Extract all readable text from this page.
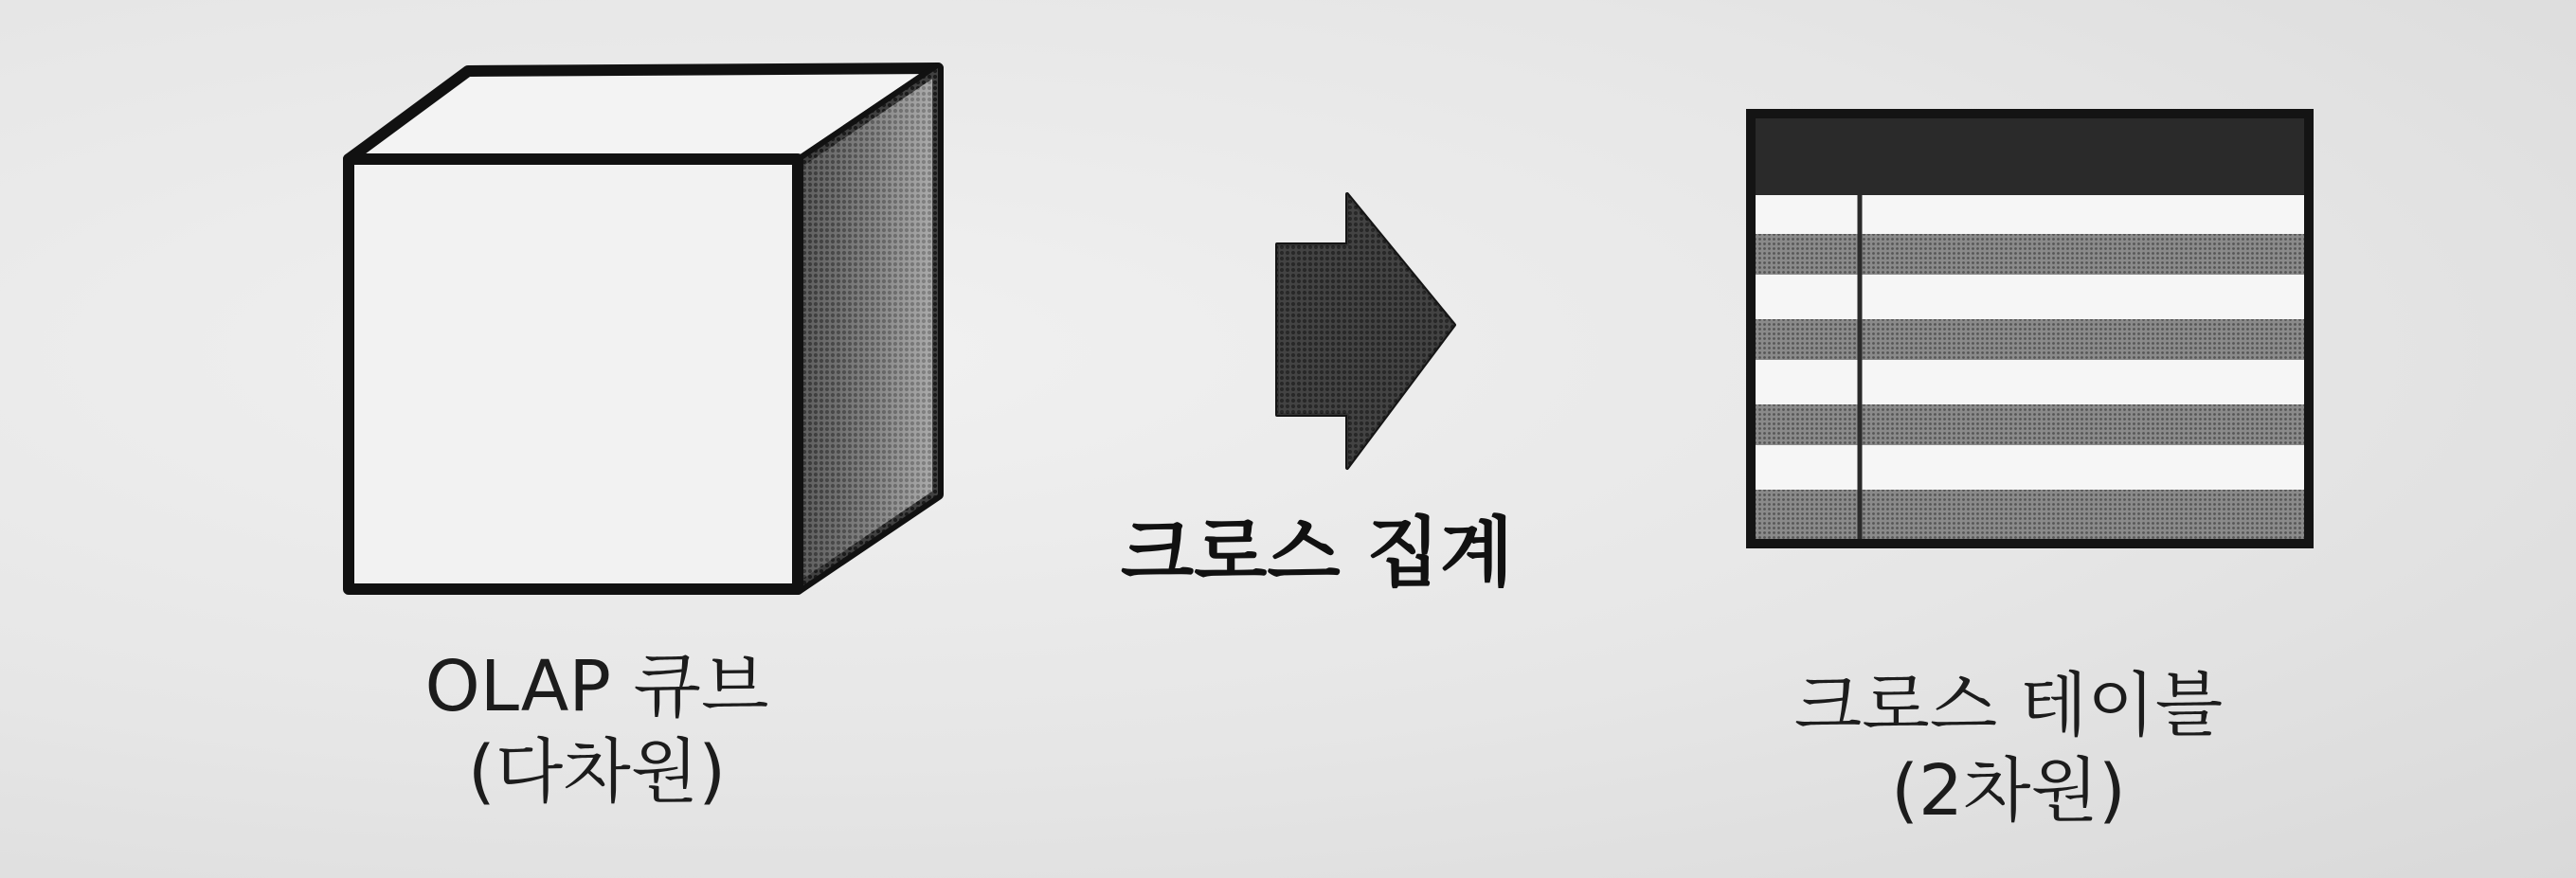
크로스 집계
OLAP 큐브
(다차원)
크로스 테이블
(2차원)
